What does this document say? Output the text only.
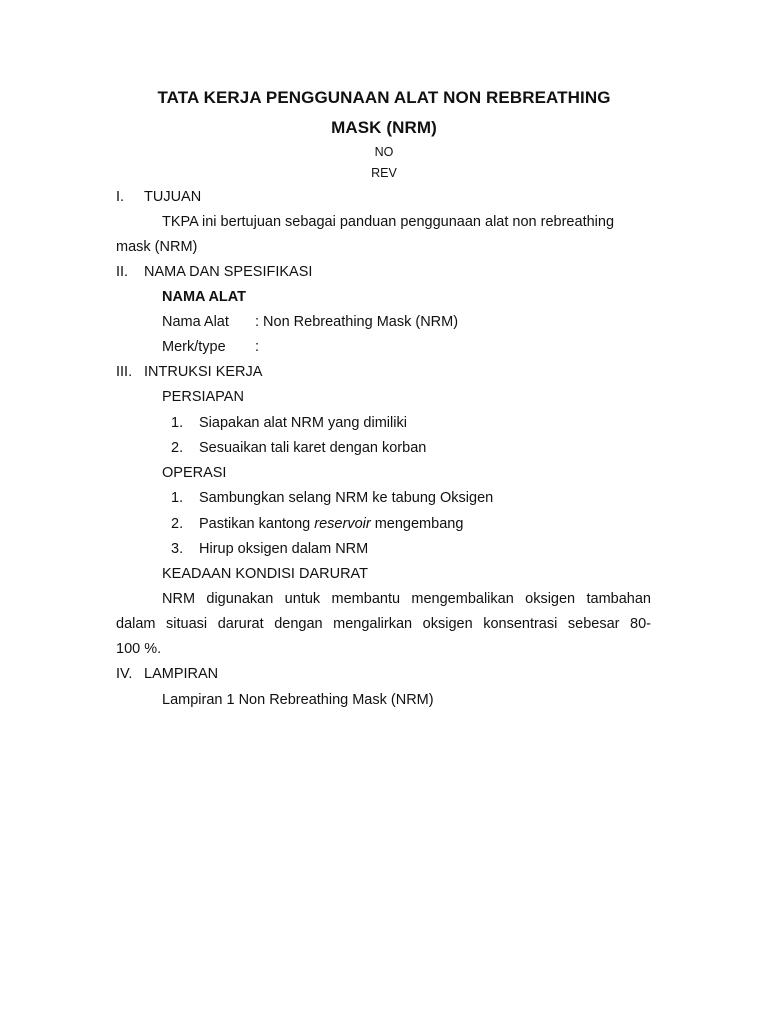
TATA KERJA PENGGUNAAN ALAT NON REBREATHING
MASK (NRM)
NO
REV
I. TUJUAN
TKPA ini bertujuan sebagai panduan penggunaan alat non rebreathing
mask (NRM)
II. NAMA DAN SPESIFIKASI
NAMA ALAT
Nama Alat : Non Rebreathing Mask (NRM)
Merk/type :
III. INTRUKSI KERJA
PERSIAPAN
1. Siapakan alat NRM yang dimiliki
2. Sesuaikan tali karet dengan korban
OPERASI
1. Sambungkan selang NRM ke tabung Oksigen
2. Pastikan kantong reservoir mengembang
3. Hirup oksigen dalam NRM
KEADAAN KONDISI DARURAT
NRM digunakan untuk membantu mengembalikan oksigen tambahan
dalam situasi darurat dengan mengalirkan oksigen konsentrasi sebesar 80-
100 %.
IV. LAMPIRAN
Lampiran 1 Non Rebreathing Mask (NRM)
